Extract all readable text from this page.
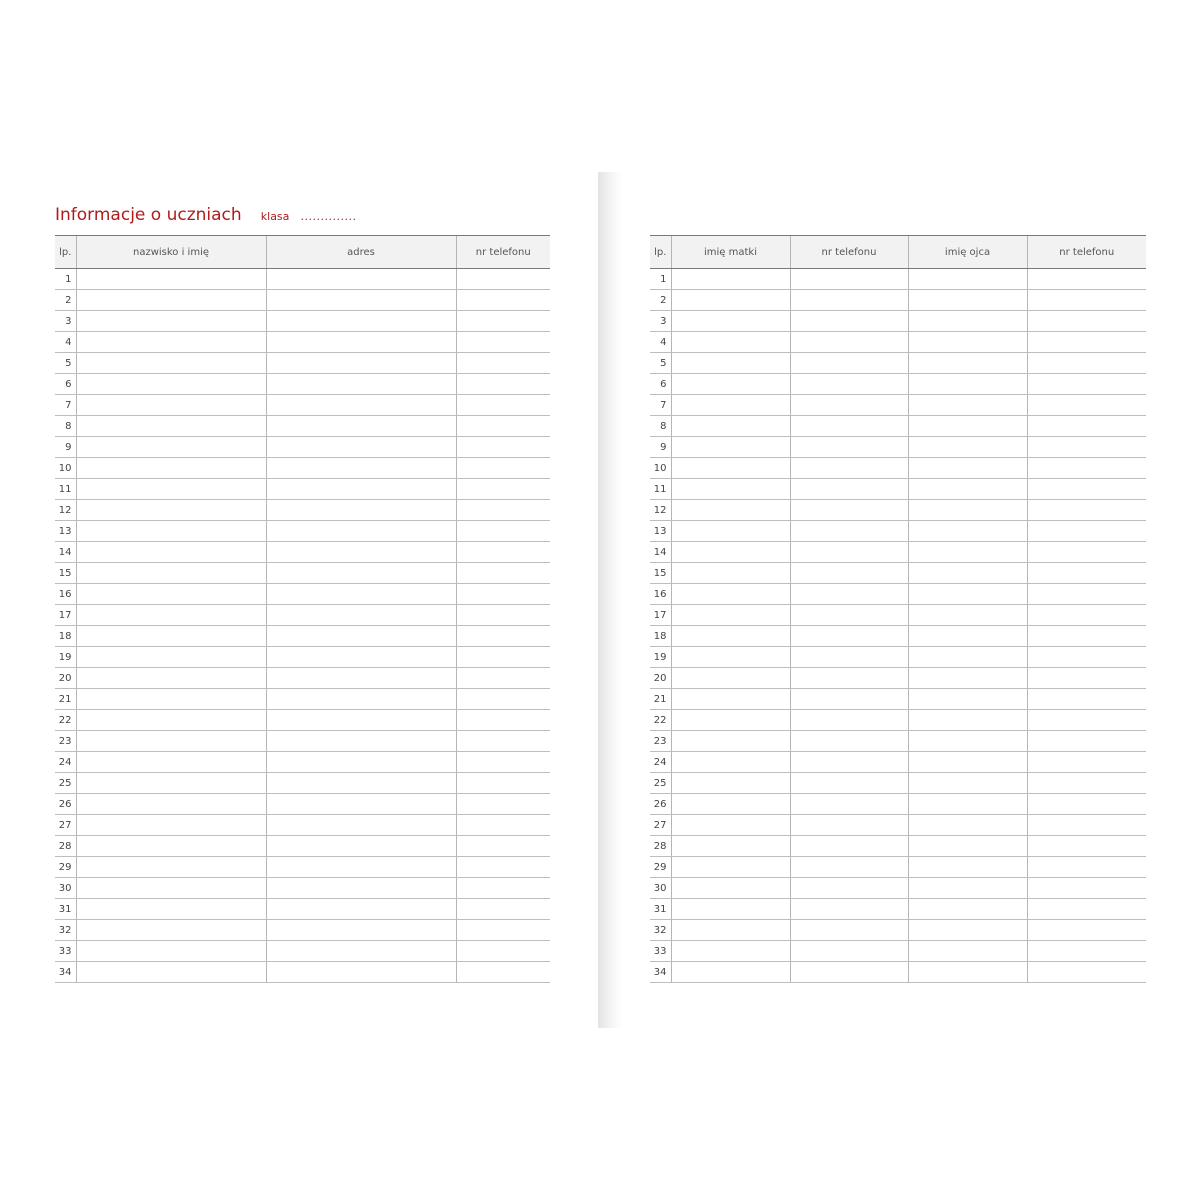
Informacje o uczniach klasa ..............
lp.	nazwisko i imię	adres	nr telefonu
1			
2			
3			
4			
5			
6			
7			
8			
9			
10			
11			
12			
13			
14			
15			
16			
17			
18			
19			
20			
21			
22			
23			
24			
25			
26			
27			
28			
29			
30			
31			
32			
33			
34			
lp.	imię matki	nr telefonu	imię ojca	nr telefonu
1				
2				
3				
4				
5				
6				
7				
8				
9				
10				
11				
12				
13				
14				
15				
16				
17				
18				
19				
20				
21				
22				
23				
24				
25				
26				
27				
28				
29				
30				
31				
32				
33				
34				
